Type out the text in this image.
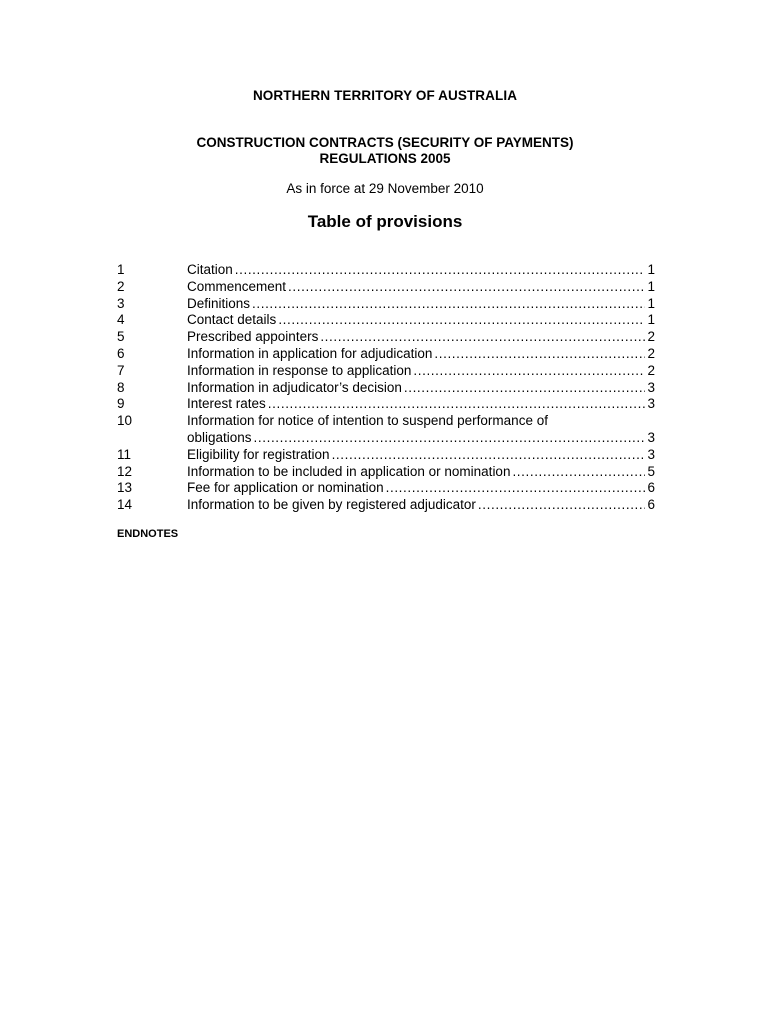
NORTHERN TERRITORY OF AUSTRALIA
CONSTRUCTION CONTRACTS (SECURITY OF PAYMENTS)
REGULATIONS 2005
As in force at 29 November 2010
Table of provisions
1	Citation .....	1
2	Commencement .....	1
3	Definitions .....	1
4	Contact details .....	1
5	Prescribed appointers .....	2
6	Information in application for adjudication .....	2
7	Information in response to application .....	2
8	Information in adjudicator’s decision .....	3
9	Interest rates .....	3
10	Information for notice of intention to suspend performance of
obligations .....	3
11	Eligibility for registration .....	3
12	Information to be included in application or nomination .....	5
13	Fee for application or nomination .....	6
14	Information to be given by registered adjudicator .....	6
ENDNOTES
